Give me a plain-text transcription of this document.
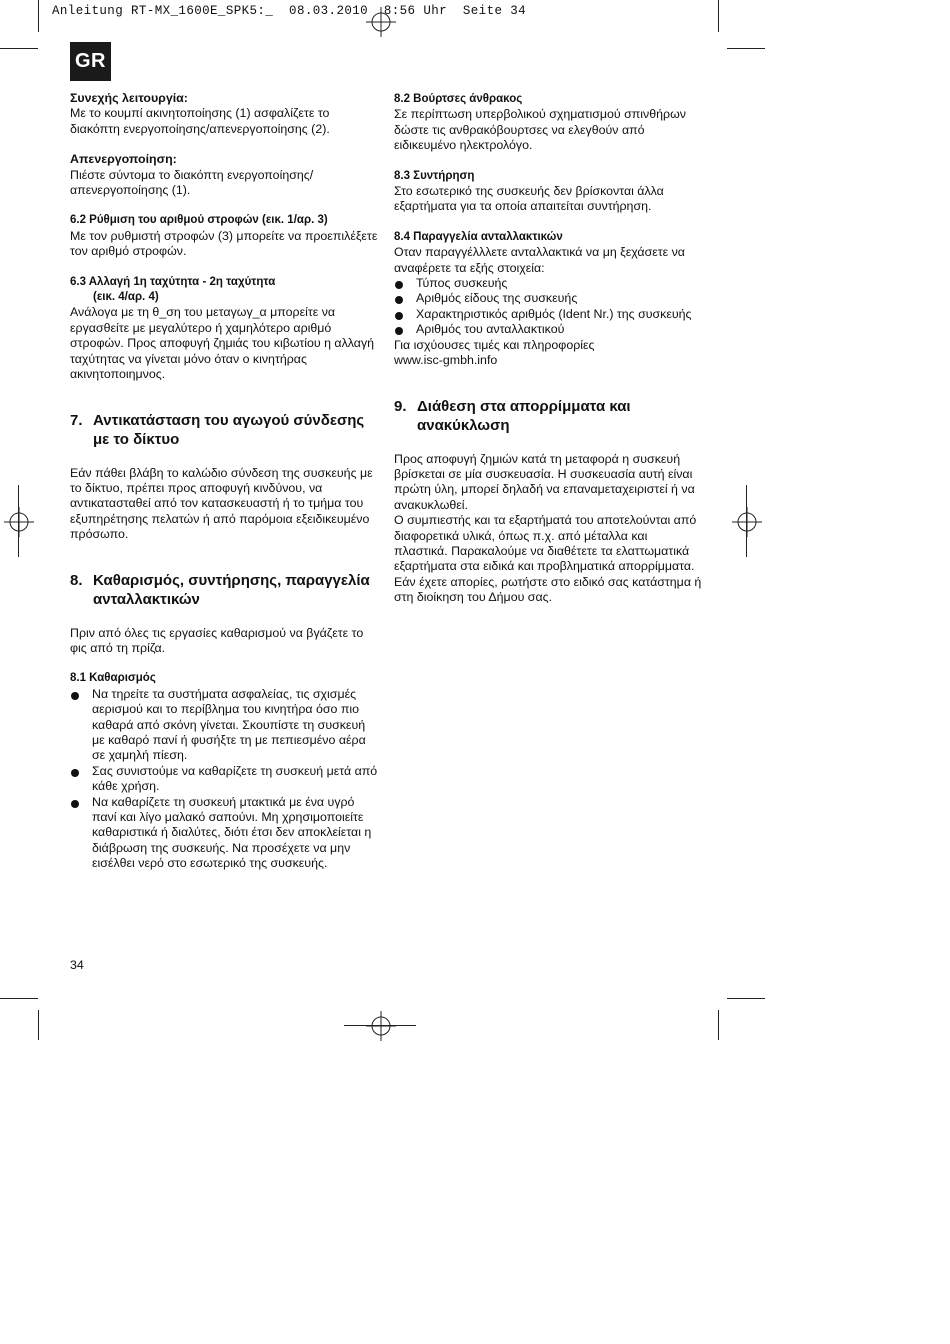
Anleitung RT-MX_1600E_SPK5:_  08.03.2010  8:56 Uhr  Seite 34
GR

Συνεχής λειτουργία:

Με το κουμπί ακινητοποίησης (1) ασφαλίζετε το διακόπτη ενεργοποίησης/απενεργοποίησης (2).

Απενεργοποίηση:

Πιέστε σύντομα το διακόπτη ενεργοποίησης/απενεργοποίησης (1).

6.2 Ρύθμιση του αριθμού στροφών (εικ. 1/αρ. 3)

Με τον ρυθμιστή στροφών (3) μπορείτε να προεπιλέξετε τον αριθμό στροφών.

6.3 Αλλαγή 1η ταχύτητα - 2η ταχύτητα

(εικ. 4/αρ. 4)

Ανάλογα με τη θ_ση του μεταγωγ_α μπορείτε να εργασθείτε με μεγαλύτερο ή χαμηλότερο αριθμό στροφών. Προς αποφυγή ζημιάς του κιβωτίου η αλλαγή ταχύτητας να γίνεται μόνο όταν ο κινητήρας ακινητοποιημνος.

7. Αντικατάσταση του αγωγού σύνδεσης με το δίκτυο

Εάν πάθει βλάβη το καλώδιο σύνδεση της συσκευής με το δίκτυο, πρέπει προς αποφυγή κινδύνου, να αντικατασταθεί από τον κατασκευαστή ή το τμήμα του εξυπηρέτησης πελατών ή από παρόμοια εξειδικευμένο πρόσωπο.

8. Καθαρισμός, συντήρησης, παραγγελία ανταλλακτικών

Πριν από όλες τις εργασίες καθαρισμού να βγάζετε το φις από τη πρίζα.

8.1 Καθαρισμός

Να τηρείτε τα συστήματα ασφαλείας, τις σχισμές αερισμού και το περίβλημα του κινητήρα όσο πιο καθαρά από σκόνη γίνεται. Σκουπίστε τη συσκευή με καθαρό πανί ή φυσήξτε τη με πεπιεσμένο αέρα σε χαμηλή πίεση.
Σας συνιστούμε να καθαρίζετε τη συσκευή μετά από κάθε χρήση.
Να καθαρίζετε τη συσκευή μτακτικά με ένα υγρό πανί και λίγο μαλακό σαπούνι. Μη χρησιμοποιείτε καθαριστικά ή διαλύτες, διότι έτσι δεν αποκλείεται η διάβρωση της συσκευής. Να προσέχετε να μην εισέλθει νερό στο εσωτερικό της συσκευής.

8.2 Βούρτσες άνθρακος

Σε περίπτωση υπερβολικού σχηματισμού σπινθήρων δώστε τις ανθρακόβουρτσες να ελεγθούν από ειδικευμένο ηλεκτρολόγο.

8.3 Συντήρηση

Στο εσωτερικό της συσκευής δεν βρίσκονται άλλα εξαρτήματα για τα οποία απαιτείται συντήρηση.

8.4 Παραγγελία ανταλλακτικών

Οταν παραγγέλλλετε ανταλλακτικά να μη ξεχάσετε να αναφέρετε τα εξής στοιχεία:

Τύπος συσκευής
Αριθμός είδους της συσκευής
Χαρακτηριστικός αριθμός (Ident Nr.) της συσκευής
Αριθμός του ανταλλακτικού

Για ισχύουσες τιμές και πληροφορίες

www.isc-gmbh.info

9. Διάθεση στα απορρίμματα και ανακύκλωση

Προς αποφυγή ζημιών κατά τη μεταφορά η συσκευή βρίσκεται σε μία συσκευασία. Η συσκευασία αυτή είναι πρώτη ύλη, μπορεί δηλαδή να επαναμεταχειριστεί ή να ανακυκλωθεί.

Ο συμπιεστής και τα εξαρτήματά του αποτελούνται από διαφορετικά υλικά, όπως π.χ. από μέταλλα και πλαστικά. Παρακαλούμε να διαθέτετε τα ελαττωματικά εξαρτήματα στα ειδικά και προβληματικά απορρίμματα. Εάν έχετε απορίες, ρωτήστε στο ειδικό σας κατάστημα ή στη διοίκηση του Δήμου σας.

34
